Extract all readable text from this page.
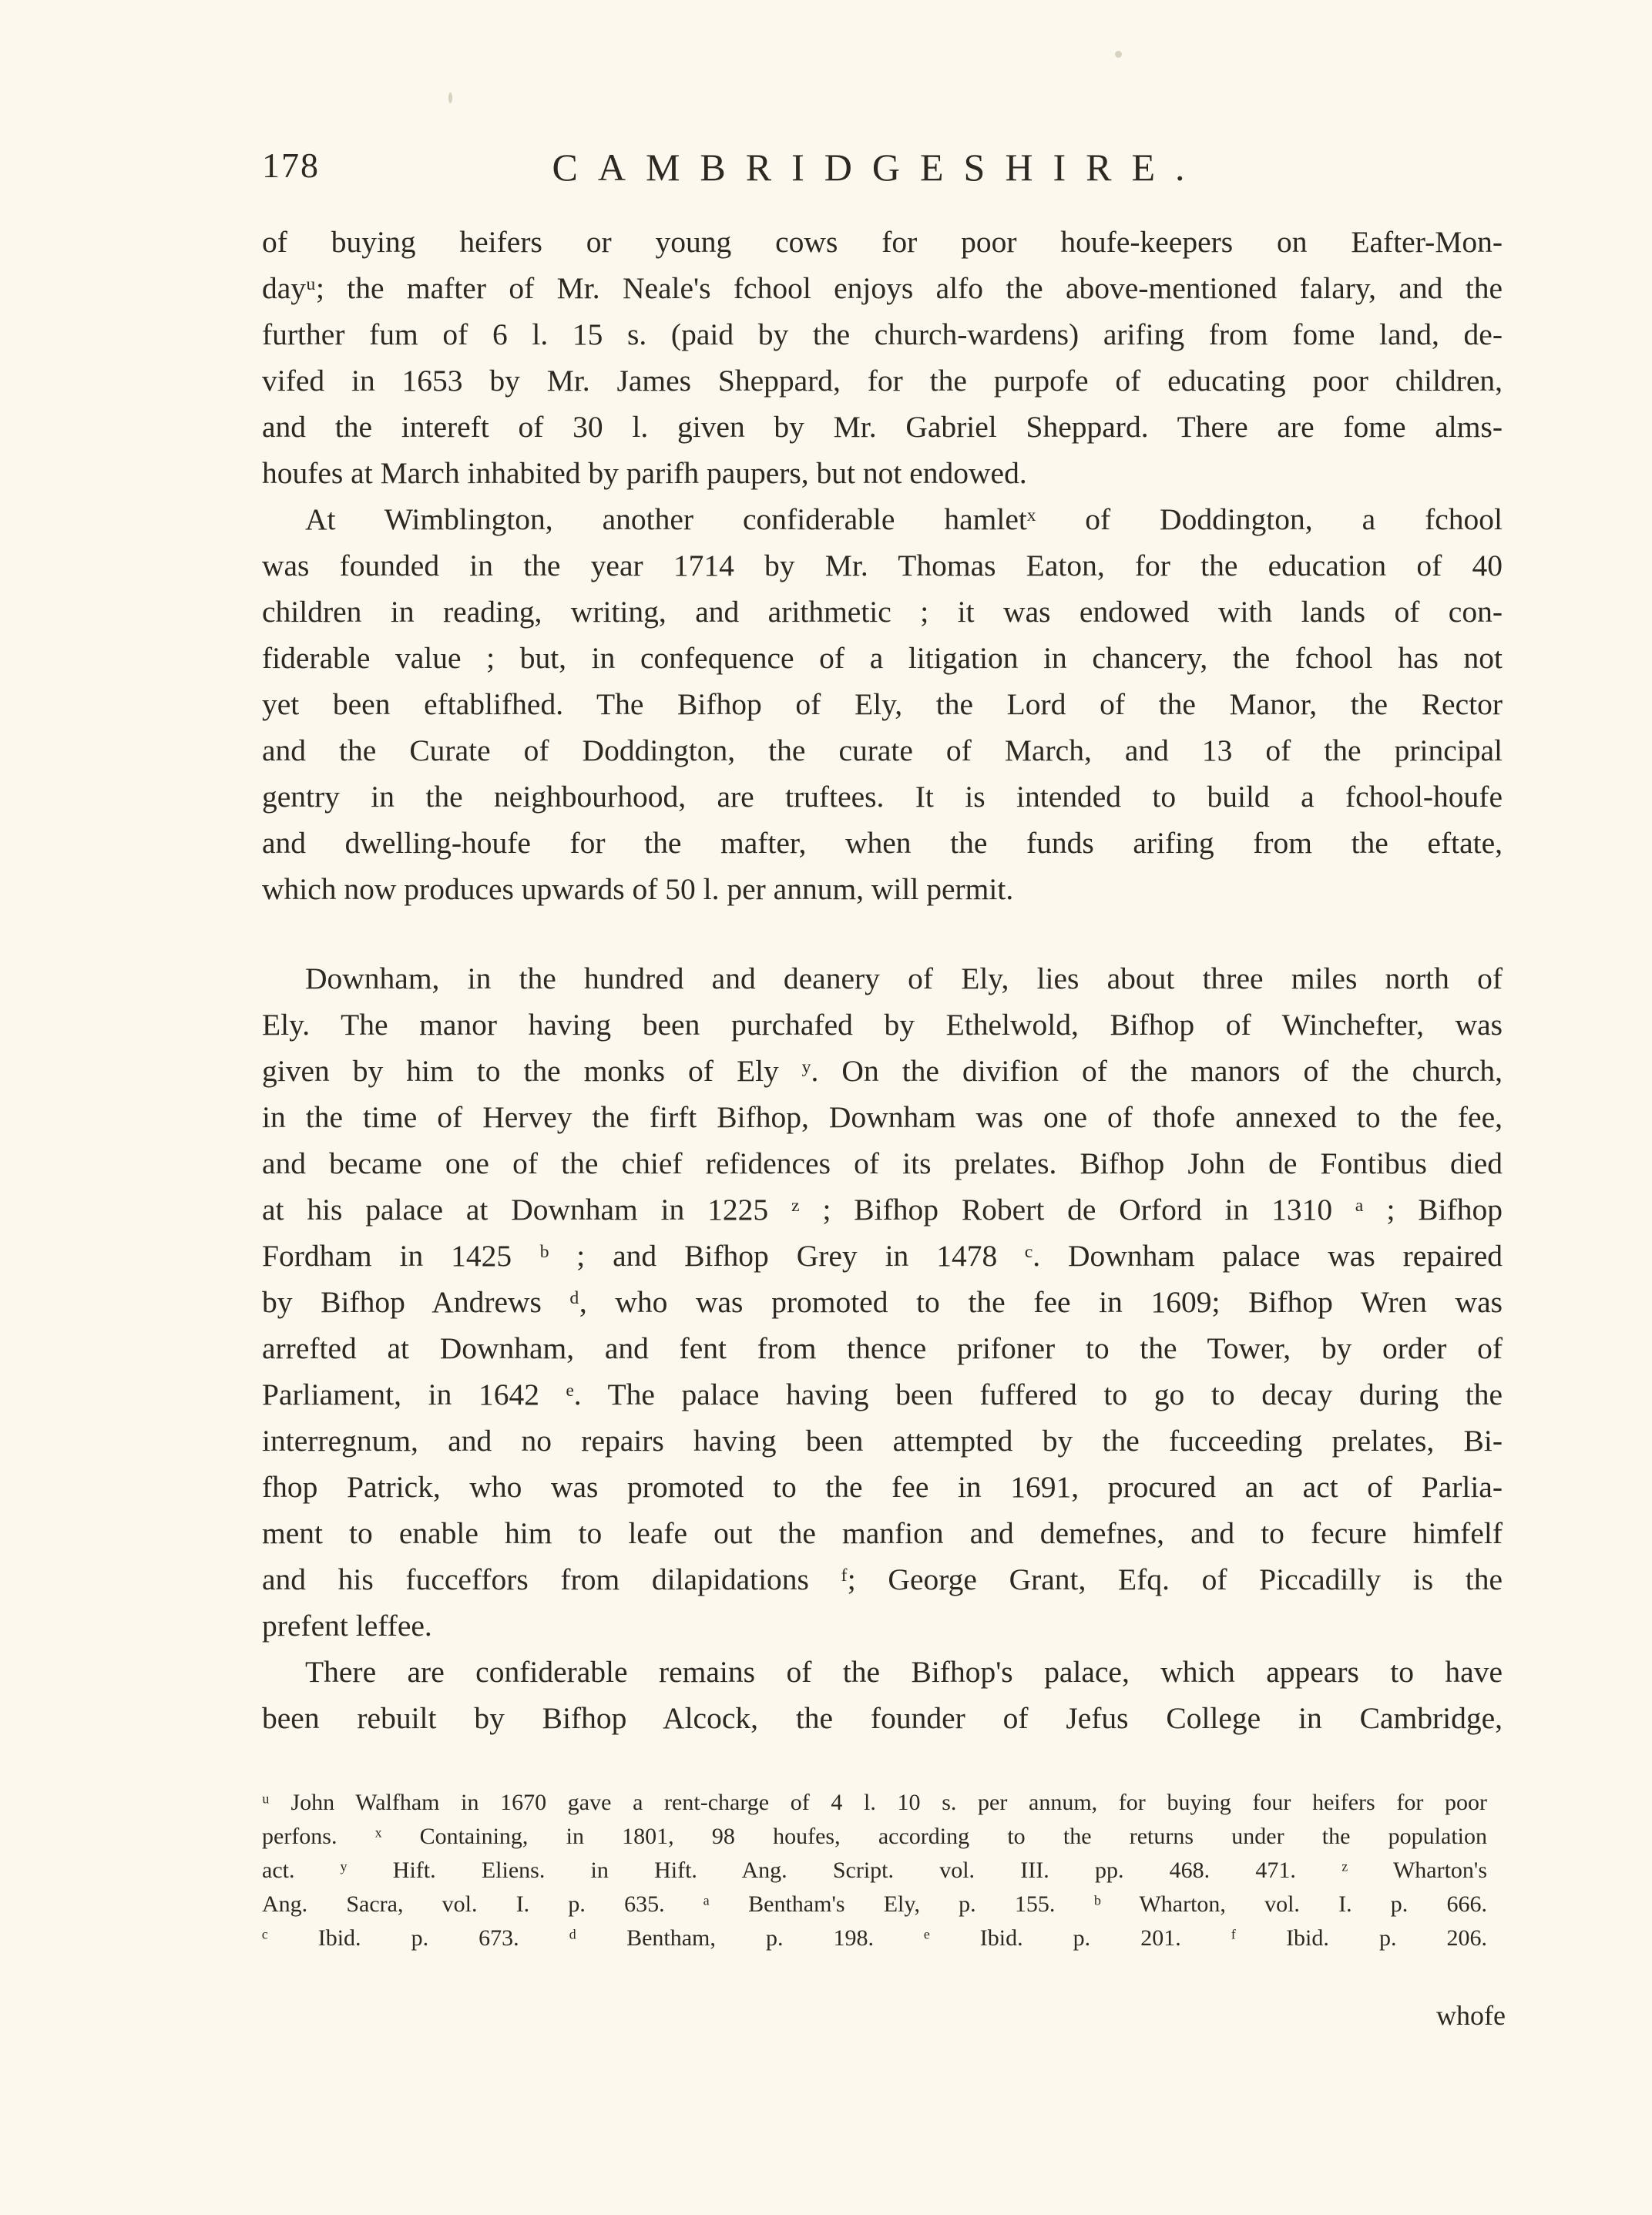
178	CAMBRIDGESHIRE.
of buying heifers or young cows for poor houfe-keepers on Eafter-Mon-
dayᵘ; the mafter of Mr. Neale's fchool enjoys alfo the above-mentioned falary, and the
further fum of 6 l. 15 s. (paid by the church-wardens) arifing from fome land, de-
vifed in 1653 by Mr. James Sheppard, for the purpofe of educating poor children,
and the intereft of 30 l. given by Mr. Gabriel Sheppard. There are fome alms-
houfes at March inhabited by parifh paupers, but not endowed.
At Wimblington, another confiderable hamletˣ of Doddington, a fchool
was founded in the year 1714 by Mr. Thomas Eaton, for the education of 40
children in reading, writing, and arithmetic ; it was endowed with lands of con-
fiderable value ; but, in confequence of a litigation in chancery, the fchool has not
yet been eftablifhed. The Bifhop of Ely, the Lord of the Manor, the Rector
and the Curate of Doddington, the curate of March, and 13 of the principal
gentry in the neighbourhood, are truftees. It is intended to build a fchool-houfe
and dwelling-houfe for the mafter, when the funds arifing from the eftate,
which now produces upwards of 50 l. per annum, will permit.
Downham, in the hundred and deanery of Ely, lies about three miles north of
Ely. The manor having been purchafed by Ethelwold, Bifhop of Winchefter, was
given by him to the monks of Ely ʸ. On the divifion of the manors of the church,
in the time of Hervey the firft Bifhop, Downham was one of thofe annexed to the fee,
and became one of the chief refidences of its prelates. Bifhop John de Fontibus died
at his palace at Downham in 1225 ᶻ ; Bifhop Robert de Orford in 1310 ᵃ ; Bifhop
Fordham in 1425 ᵇ ; and Bifhop Grey in 1478 ᶜ. Downham palace was repaired
by Bifhop Andrews ᵈ, who was promoted to the fee in 1609; Bifhop Wren was
arrefted at Downham, and fent from thence prifoner to the Tower, by order of
Parliament, in 1642 ᵉ. The palace having been fuffered to go to decay during the
interregnum, and no repairs having been attempted by the fucceeding prelates, Bi-
fhop Patrick, who was promoted to the fee in 1691, procured an act of Parlia-
ment to enable him to leafe out the manfion and demefnes, and to fecure himfelf
and his fucceffors from dilapidations ᶠ; George Grant, Efq. of Piccadilly is the
prefent leffee.
There are confiderable remains of the Bifhop's palace, which appears to have
been rebuilt by Bifhop Alcock, the founder of Jefus College in Cambridge,
ᵘ John Walfham in 1670 gave a rent-charge of 4 l. 10 s. per annum, for buying four heifers for poor
perfons. ˣ Containing, in 1801, 98 houfes, according to the returns under the population
act. ʸ Hift. Eliens. in Hift. Ang. Script. vol. III. pp. 468. 471. ᶻ Wharton's
Ang. Sacra, vol. I. p. 635. ᵃ Bentham's Ely, p. 155. ᵇ Wharton, vol. I. p. 666.
ᶜ Ibid. p. 673. ᵈ Bentham, p. 198. ᵉ Ibid. p. 201. ᶠ Ibid. p. 206.
whofe
